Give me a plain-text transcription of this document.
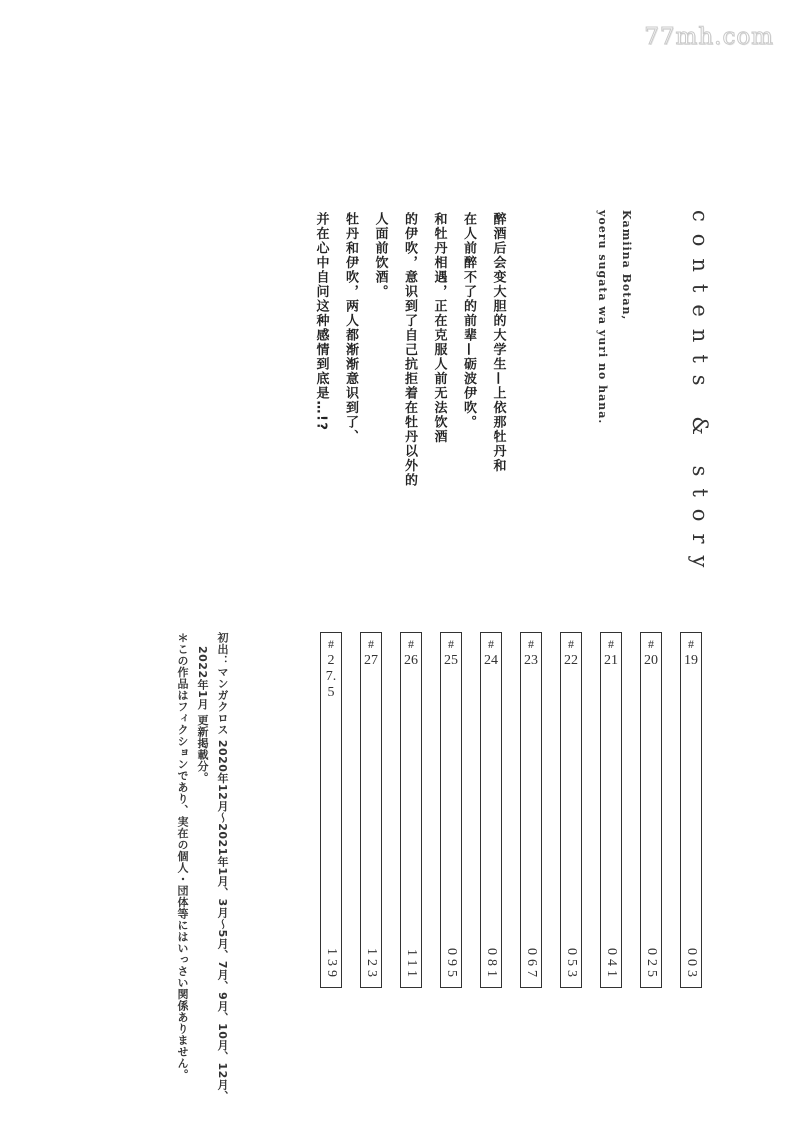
77mh.com
contents & story
Kamiina Botan,
yoeru sugata wa yuri no hana.
醉酒后会变大胆的大学生—上依那牡丹和
在人前醉不了的前辈—砺波伊吹。
和牡丹相遇，正在克服人前无法饮酒
的伊吹，意识到了自己抗拒着在牡丹以外的
人面前饮酒。
牡丹和伊吹，两人都渐渐意识到了、
并在心中自问这种感情到底是…!?
#
19
003
#
20
025
#
21
041
#
22
053
#
23
067
#
24
081
#
25
095
#
26
111
#
27
123
#
27.5
139
初出：マンガクロス 2020年12月～2021年1月、3月～5月、7月、9月、10月、12月、
2022年1月 更新掲載分。
＊この作品はフィクションであり、実在の個人・団体等にはいっさい関係ありません。
